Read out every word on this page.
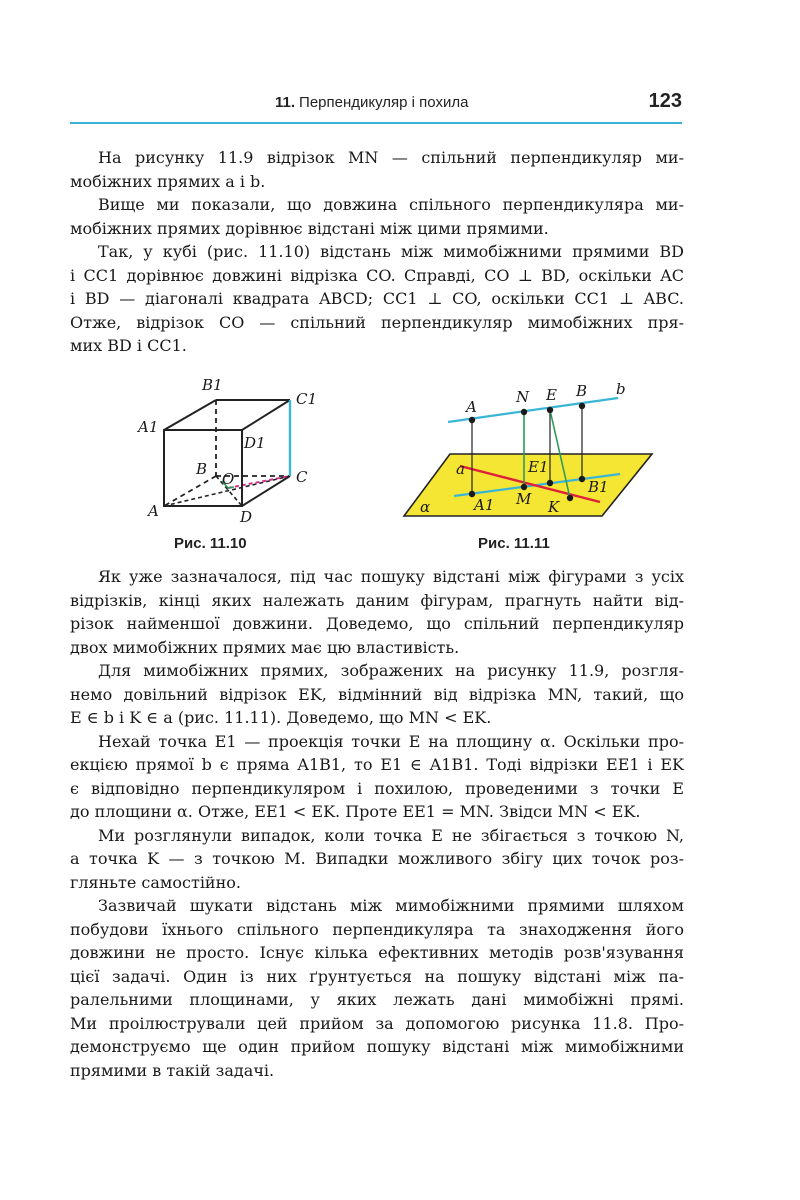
11. Перпендикуляр і похила	123
На рисунку 11.9 відрізок MN — спільний перпендикуляр ми-
мобіжних прямих a і b.
Вище ми показали, що довжина спільного перпендикуляра ми-
мобіжних прямих дорівнює відстані між цими прямими.
Так, у кубі (рис. 11.10) відстань між мимобіжними прямими BD
і CC1 дорівнює довжині відрізка CO. Справді, CO ⊥ BD, оскільки AC
і BD — діагоналі квадрата ABCD; CC1 ⊥ CO, оскільки CC1 ⊥ ABC.
Отже, відрізок CO — спільний перпендикуляр мимобіжних пря-
мих BD і CC1.
B1
C1
A1
D1
B
O	C
A	D
Рис. 11.10
A
N E B b
a	E1
B1
A1 M K
α
Рис. 11.11
Як уже зазначалося, під час пошуку відстані між фігурами з усіх
відрізків, кінці яких належать даним фігурам, прагнуть найти від-
різок найменшої довжини. Доведемо, що спільний перпендикуляр
двох мимобіжних прямих має цю властивість.
Для мимобіжних прямих, зображених на рисунку 11.9, розгля-
немо довільний відрізок EK, відмінний від відрізка MN, такий, що
E ∈ b і K ∈ a (рис. 11.11). Доведемо, що MN < EK.
Нехай точка E1 — проекція точки E на площину α. Оскільки прo-
екцією прямої b є пряма A1B1, то E1 ∈ A1B1. Тоді відрізки EE1 і EK
є відповідно перпендикуляром і похилою, проведеними з точки E
до площини α. Отже, EE1 < EK. Проте EE1 = MN. Звідси MN < EK.
Ми розглянули випадок, коли точка E не збігається з точкою N,
а точка K — з точкою M. Випадки можливого збігу цих точок роз-
гляньте самостійно.
Зазвичай шукати відстань між мимобіжними прямими шляхом
побудови їхнього спільного перпендикуляра та знаходження його
довжини не просто. Існує кілька ефективних методів розв'язування
цієї задачі. Один із них ґрунтується на пошуку відстані між па-
ралельними площинами, у яких лежать дані мимобіжні прямі.
Ми проілюстрували цей прийом за допомогою рисунка 11.8. Про-
демонструємо ще один прийом пошуку відстані між мимобіжними
прямими в такій задачі.
